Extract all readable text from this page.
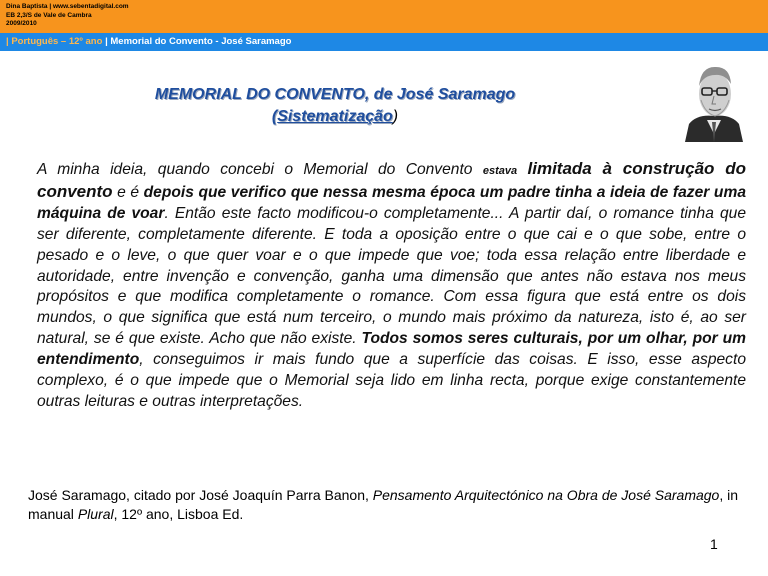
Dina Baptista | www.sebentadigital.com
EB 2,3/S de Vale de Cambra
2009/2010
| Português – 12º ano | Memorial do Convento - José Saramago
MEMORIAL DO CONVENTO, de José Saramago
(Sistematização)
A minha ideia, quando concebi o Memorial do Convento estava limitada à construção do convento e é depois que verifico que nessa mesma época um padre tinha a ideia de fazer uma máquina de voar. Então este facto modificou-o completamente... A partir daí, o romance tinha que ser diferente, completamente diferente. E toda a oposição entre o que cai e o que sobe, entre o pesado e o leve, o que quer voar e o que impede que voe; toda essa relação entre liberdade e autoridade, entre invenção e convenção, ganha uma dimensão que antes não estava nos meus propósitos e que modifica completamente o romance. Com essa figura que está entre os dois mundos, o que significa que está num terceiro, o mundo mais próximo da natureza, isto é, ao ser natural, se é que existe. Acho que não existe. Todos somos seres culturais, por um olhar, por um entendimento, conseguimos ir mais fundo que a superfície das coisas. E isso, esse aspecto complexo, é o que impede que o Memorial seja lido em linha recta, porque exige constantemente outras leituras e outras interpretações.
José Saramago, citado por José Joaquín Parra Banon, Pensamento Arquitectónico na Obra de José Saramago, in manual Plural, 12º ano, Lisboa Ed.
1
